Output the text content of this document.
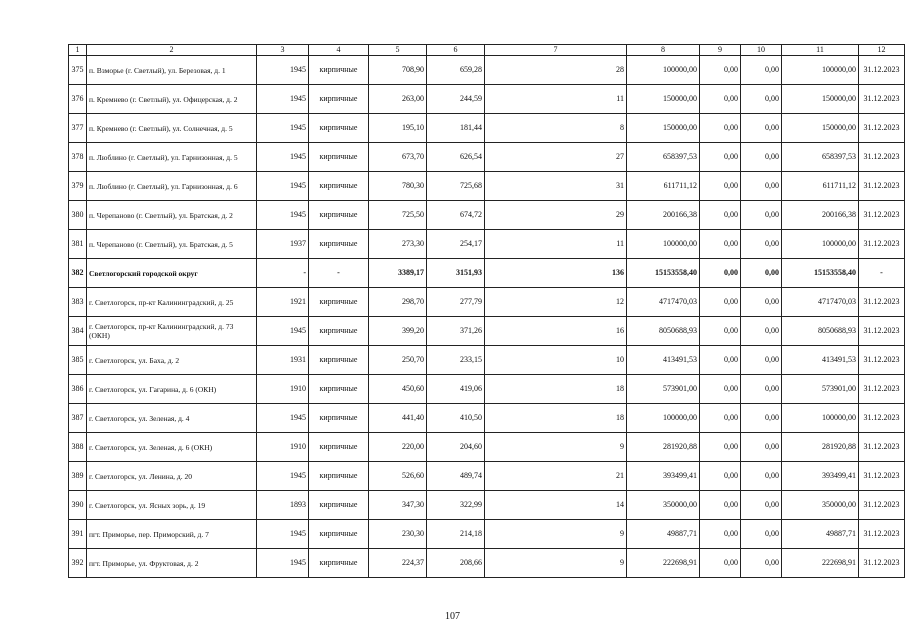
1	2	3	4	5	6	7	8	9	10	11	12
375	п. Взморье (г. Светлый), ул. Березовая, д. 1	1945	кирпичные	708,90	659,28	28	100000,00	0,00	0,00	100000,00	31.12.2023
376	п. Кремнево (г. Светлый), ул. Офицерская, д. 2	1945	кирпичные	263,00	244,59	11	150000,00	0,00	0,00	150000,00	31.12.2023
377	п. Кремнево (г. Светлый), ул. Солнечная, д. 5	1945	кирпичные	195,10	181,44	8	150000,00	0,00	0,00	150000,00	31.12.2023
378	п. Люблино (г. Светлый), ул. Гарнизонная, д. 5	1945	кирпичные	673,70	626,54	27	658397,53	0,00	0,00	658397,53	31.12.2023
379	п. Люблино (г. Светлый), ул. Гарнизонная, д. 6	1945	кирпичные	780,30	725,68	31	611711,12	0,00	0,00	611711,12	31.12.2023
380	п. Черепаново (г. Светлый), ул. Братская, д. 2	1945	кирпичные	725,50	674,72	29	200166,38	0,00	0,00	200166,38	31.12.2023
381	п. Черепаново (г. Светлый), ул. Братская, д. 5	1937	кирпичные	273,30	254,17	11	100000,00	0,00	0,00	100000,00	31.12.2023
382	Светлогорский городской округ	-	-	3389,17	3151,93	136	15153558,40	0,00	0,00	15153558,40	-
383	г. Светлогорск, пр-кт Калининградский, д. 25	1921	кирпичные	298,70	277,79	12	4717470,03	0,00	0,00	4717470,03	31.12.2023
384	г. Светлогорск, пр-кт Калининградский, д. 73 (ОКН)	1945	кирпичные	399,20	371,26	16	8050688,93	0,00	0,00	8050688,93	31.12.2023
385	г. Светлогорск, ул. Баха, д. 2	1931	кирпичные	250,70	233,15	10	413491,53	0,00	0,00	413491,53	31.12.2023
386	г. Светлогорск, ул. Гагарина, д. 6 (ОКН)	1910	кирпичные	450,60	419,06	18	573901,00	0,00	0,00	573901,00	31.12.2023
387	г. Светлогорск, ул. Зеленая, д. 4	1945	кирпичные	441,40	410,50	18	100000,00	0,00	0,00	100000,00	31.12.2023
388	г. Светлогорск, ул. Зеленая, д. 6 (ОКН)	1910	кирпичные	220,00	204,60	9	281920,88	0,00	0,00	281920,88	31.12.2023
389	г. Светлогорск, ул. Ленина, д. 20	1945	кирпичные	526,60	489,74	21	393499,41	0,00	0,00	393499,41	31.12.2023
390	г. Светлогорск, ул. Ясных зорь, д. 19	1893	кирпичные	347,30	322,99	14	350000,00	0,00	0,00	350000,00	31.12.2023
391	пгт. Приморье, пер. Приморский, д. 7	1945	кирпичные	230,30	214,18	9	49887,71	0,00	0,00	49887,71	31.12.2023
392	пгт. Приморье, ул. Фруктовая, д. 2	1945	кирпичные	224,37	208,66	9	222698,91	0,00	0,00	222698,91	31.12.2023
107
